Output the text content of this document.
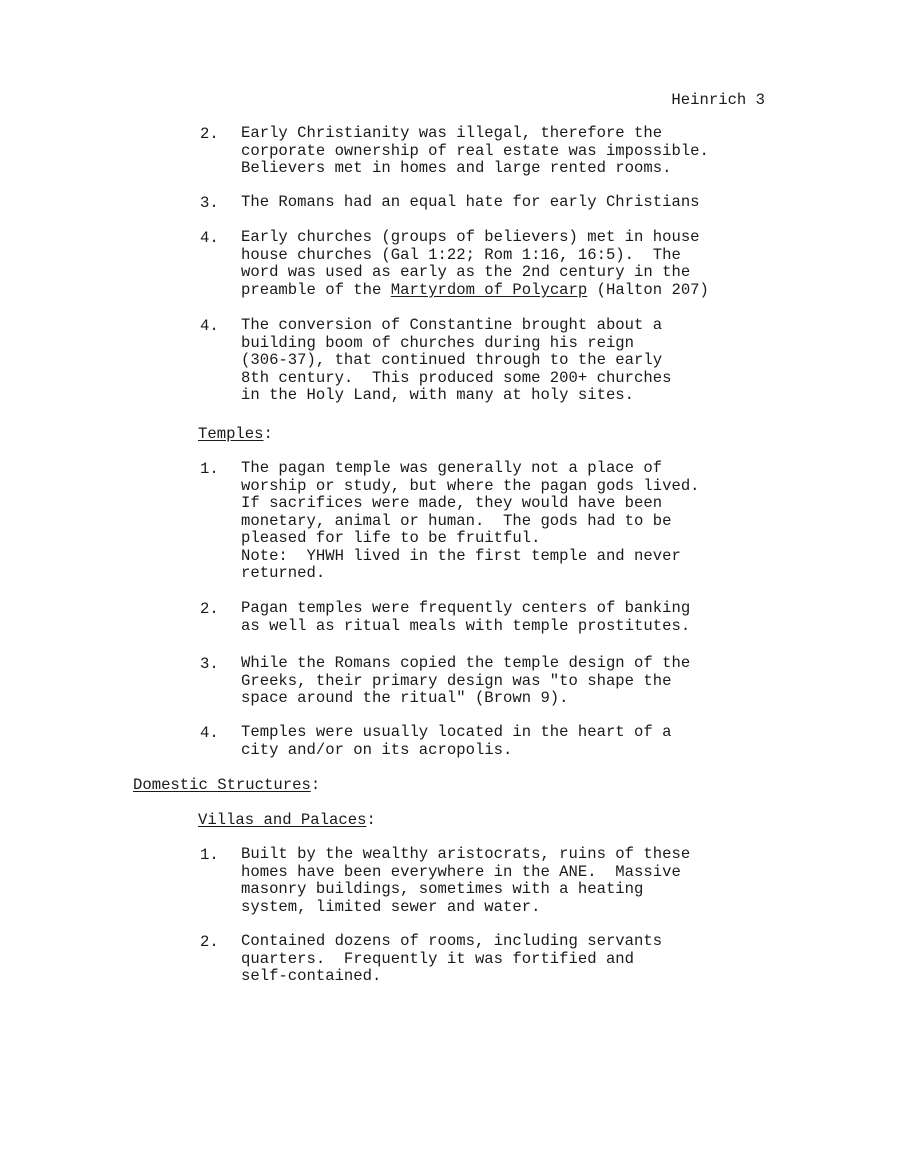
Heinrich 3
2. Early Christianity was illegal, therefore the
corporate ownership of real estate was impossible.
Believers met in homes and large rented rooms.
3. The Romans had an equal hate for early Christians
4. Early churches (groups of believers) met in house
house churches (Gal 1:22; Rom 1:16, 16:5).  The
word was used as early as the 2nd century in the
preamble of the Martyrdom of Polycarp (Halton 207)
4. The conversion of Constantine brought about a
building boom of churches during his reign
(306-37), that continued through to the early
8th century.  This produced some 200+ churches
in the Holy Land, with many at holy sites.
Temples:
1. The pagan temple was generally not a place of
worship or study, but where the pagan gods lived.
If sacrifices were made, they would have been
monetary, animal or human.  The gods had to be
pleased for life to be fruitful.
Note:  YHWH lived in the first temple and never
returned.
2. Pagan temples were frequently centers of banking
as well as ritual meals with temple prostitutes.
3. While the Romans copied the temple design of the
Greeks, their primary design was "to shape the
space around the ritual" (Brown 9).
4. Temples were usually located in the heart of a
city and/or on its acropolis.
Domestic Structures:
Villas and Palaces:
1. Built by the wealthy aristocrats, ruins of these
homes have been everywhere in the ANE.  Massive
masonry buildings, sometimes with a heating
system, limited sewer and water.
2. Contained dozens of rooms, including servants
quarters.  Frequently it was fortified and
self-contained.
